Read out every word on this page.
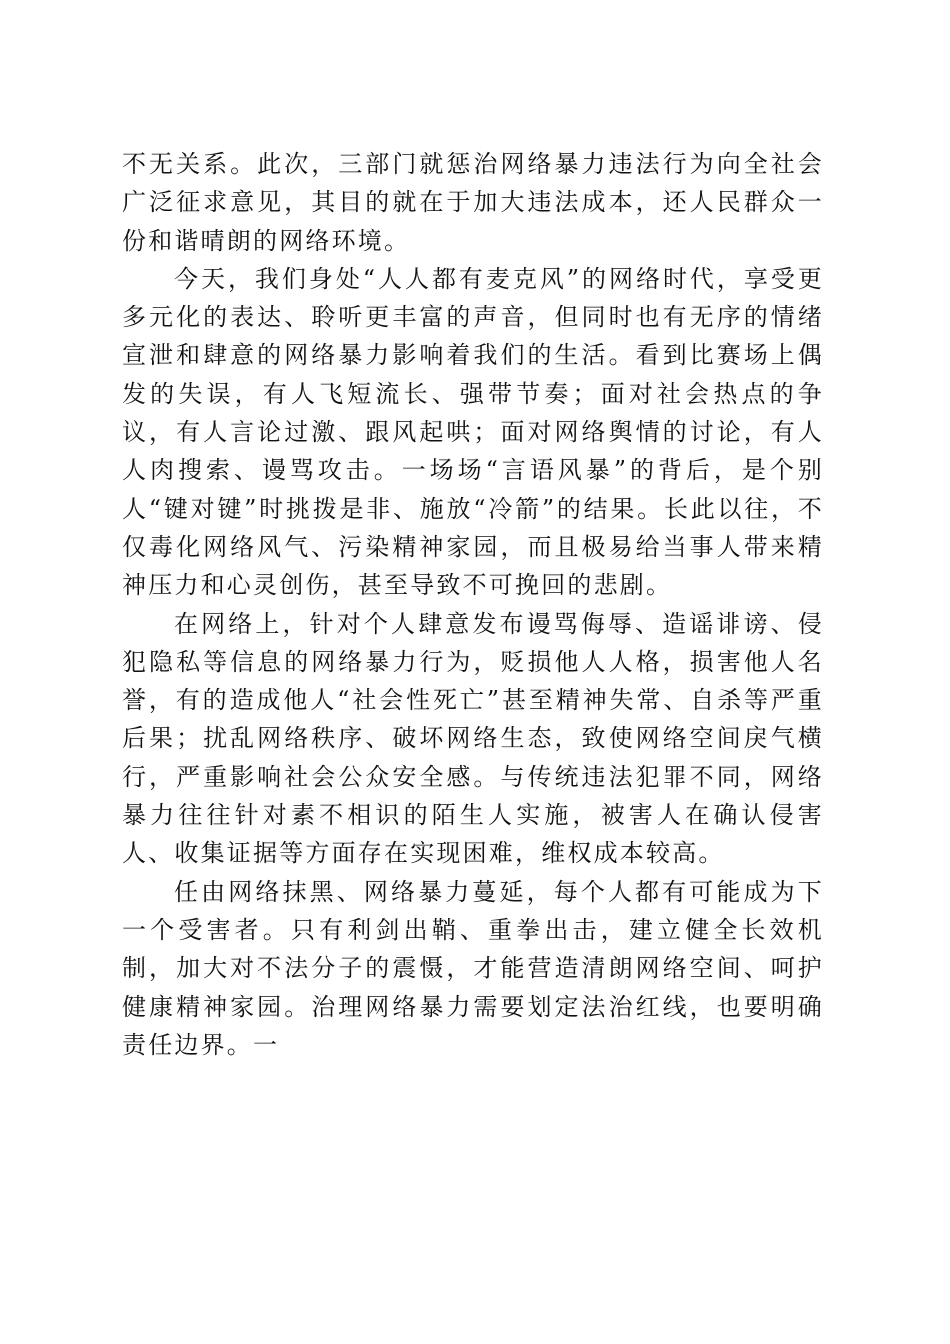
不无关系。此次，三部门就惩治网络暴力违法行为向全社会广泛征求意见，其目的就在于加大违法成本，还人民群众一份和谐晴朗的网络环境。

今天，我们身处“人人都有麦克风”的网络时代，享受更多元化的表达、聆听更丰富的声音，但同时也有无序的情绪宣泄和肆意的网络暴力影响着我们的生活。看到比赛场上偶发的失误，有人飞短流长、强带节奏；面对社会热点的争议，有人言论过激、跟风起哄；面对网络舆情的讨论，有人人肉搜索、谩骂攻击。一场场“言语风暴”的背后，是个别人“键对键”时挑拨是非、施放“冷箭”的结果。长此以往，不仅毒化网络风气、污染精神家园，而且极易给当事人带来精神压力和心灵创伤，甚至导致不可挽回的悲剧。

在网络上，针对个人肆意发布谩骂侮辱、造谣诽谤、侵犯隐私等信息的网络暴力行为，贬损他人人格，损害他人名誉，有的造成他人“社会性死亡”甚至精神失常、自杀等严重后果；扰乱网络秩序、破坏网络生态，致使网络空间戾气横行，严重影响社会公众安全感。与传统违法犯罪不同，网络暴力往往针对素不相识的陌生人实施，被害人在确认侵害人、收集证据等方面存在实现困难，维权成本较高。

任由网络抹黑、网络暴力蔓延，每个人都有可能成为下一个受害者。只有利剑出鞘、重拳出击，建立健全长效机制，加大对不法分子的震慑，才能营造清朗网络空间、呵护健康精神家园。治理网络暴力需要划定法治红线，也要明确责任边界。一
